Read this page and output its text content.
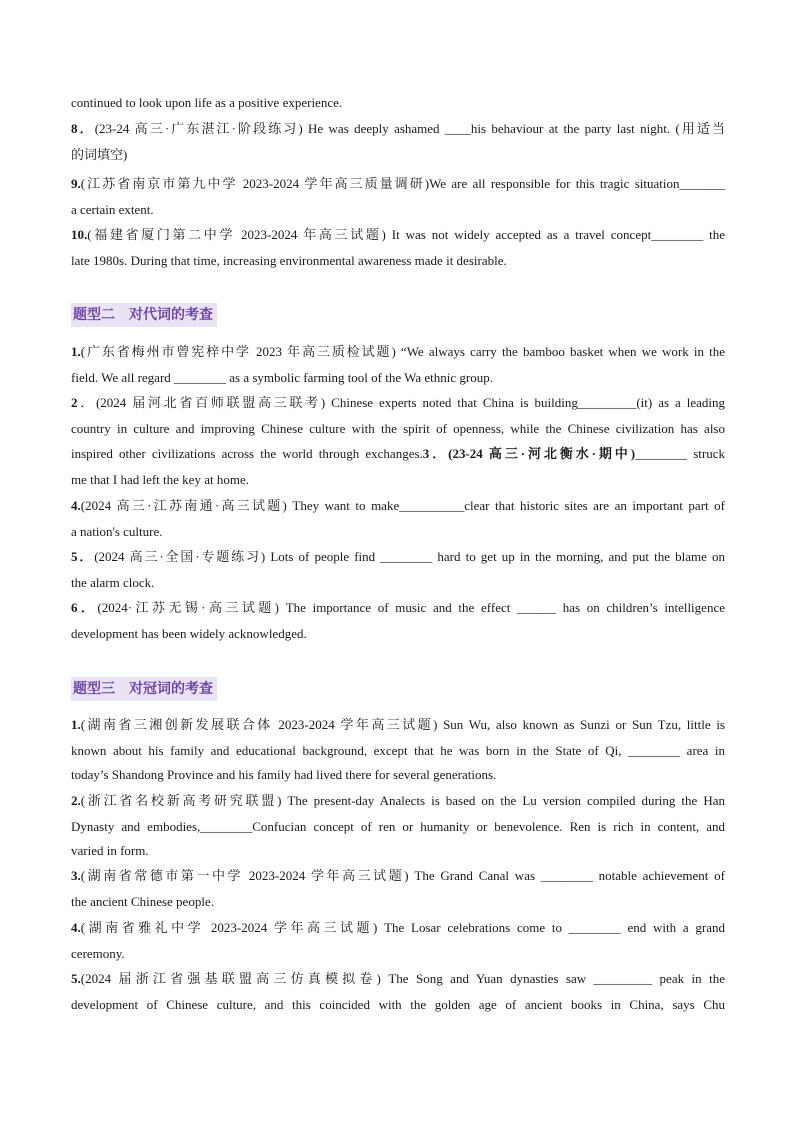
continued to look upon life as a positive experience.
8．(23-24 高三·广东湛江·阶段练习) He was deeply ashamed ____his behaviour at the party last night. (用适当
的词填空)
9.(江苏省南京市第九中学 2023-2024 学年高三质量调研)We are all responsible for this tragic situation_______
a certain extent.
10.(福建省厦门第二中学 2023-2024 年高三试题) It was not widely accepted as a travel concept________ the
late 1980s. During that time, increasing environmental awareness made it desirable.
题型二　对代词的考查
1.(广东省梅州市曾宪梓中学 2023 年高三质检试题) “We always carry the bamboo basket when we work in the
field. We all regard ________ as a symbolic farming tool of the Wa ethnic group.
2．(2024 届河北省百师联盟高三联考) Chinese experts noted that China is building_________(it) as a leading
country in culture and improving Chinese culture with the spirit of openness, while the Chinese civilization has also
inspired other civilizations across the world through exchanges.3．(23-24 高三·河北衡水·期中)________ struck
me that I had left the key at home.
4.(2024 高三·江苏南通·高三试题) They want to make__________clear that historic sites are an important part of
a nation's culture.
5．(2024 高三·全国·专题练习) Lots of people find ________ hard to get up in the morning, and put the blame on
the alarm clock.
6．(2024·江苏无锡·高三试题) The importance of music and the effect ______ has on children’s intelligence
development has been widely acknowledged.
题型三　对冠词的考查
1.(湖南省三湘创新发展联合体 2023-2024 学年高三试题) Sun Wu, also known as Sunzi or Sun Tzu, little is
known about his family and educational background, except that he was born in the State of Qi, ________ area in
today’s Shandong Province and his family had lived there for several generations.
2.(浙江省名校新高考研究联盟) The present-day Analects is based on the Lu version compiled during the Han
Dynasty and embodies,________Confucian concept of ren or humanity or benevolence. Ren is rich in content, and
varied in form.
3.(湖南省常德市第一中学 2023-2024 学年高三试题) The Grand Canal was ________ notable achievement of
the ancient Chinese people.
4.(湖南省雅礼中学 2023-2024 学年高三试题) The Losar celebrations come to ________ end with a grand
ceremony.
5.(2024 届浙江省强基联盟高三仿真模拟卷) The Song and Yuan dynasties saw _________ peak in the
development of Chinese culture, and this coincided with the golden age of ancient books in China, says Chu
